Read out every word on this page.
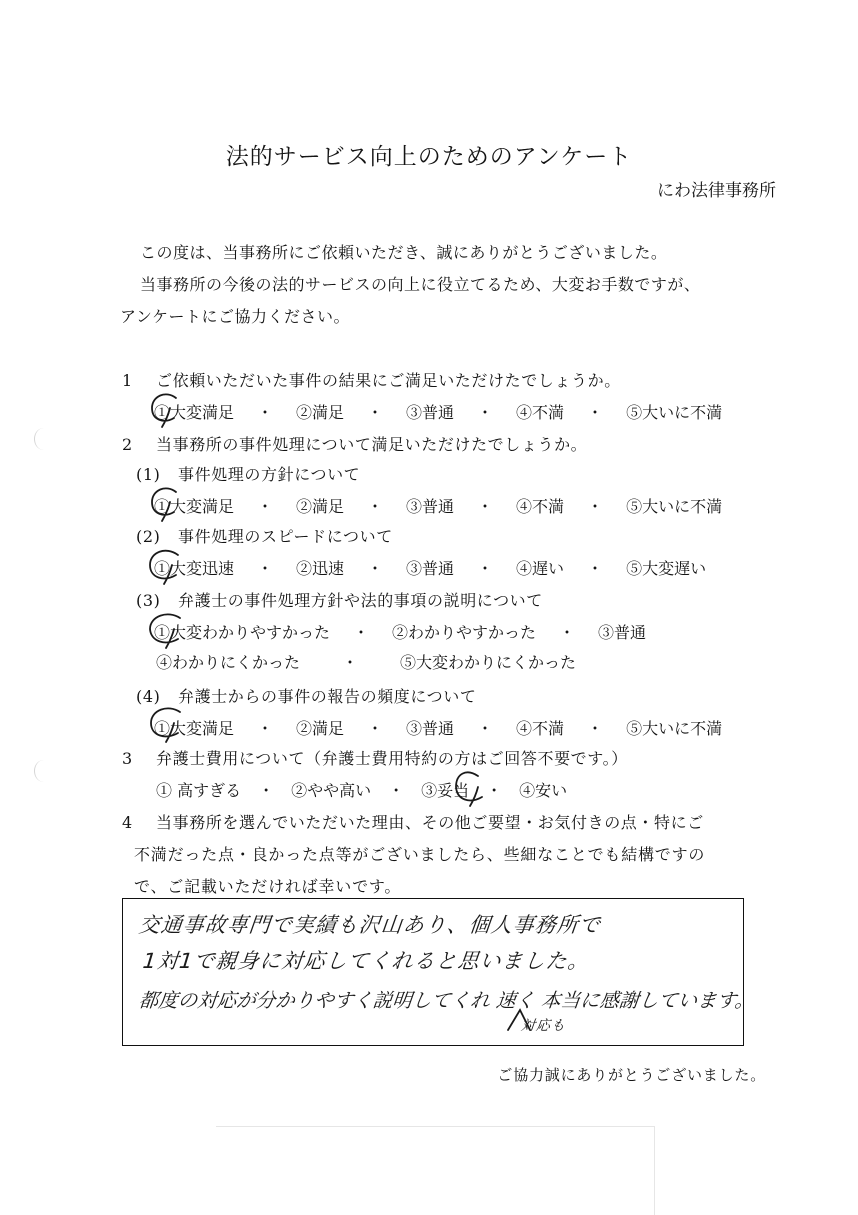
法的サービス向上のためのアンケート
にわ法律事務所
この度は、当事務所にご依頼いただき、誠にありがとうございました。
当事務所の今後の法的サービスの向上に役立てるため、大変お手数ですが、
アンケートにご協力ください。
1 ご依頼いただいた事件の結果にご満足いただけたでしょうか。
①大変満足	・	②満足	・	③普通	・	④不満	・	⑤大いに不満
2 当事務所の事件処理について満足いただけたでしょうか。
(1) 事件処理の方針について
①大変満足	・	②満足	・	③普通	・	④不満	・	⑤大いに不満
(2) 事件処理のスピードについて
①大変迅速	・	②迅速	・	③普通	・	④遅い	・	⑤大変遅い
(3) 弁護士の事件処理方針や法的事項の説明について
①大変わかりやすかった	・	②わかりやすかった	・	③普通
④わかりにくかった	・	⑤大変わかりにくかった
(4) 弁護士からの事件の報告の頻度について
①大変満足	・	②満足	・	③普通	・	④不満	・	⑤大いに不満
3 弁護士費用について（弁護士費用特約の方はご回答不要です。）
① 高すぎる	・	②やや高い	・	③妥当	・	④安い
4 当事務所を選んでいただいた理由、その他ご要望・お気付きの点・特にご
不満だった点・良かった点等がございましたら、些細なことでも結構ですの
で、ご記載いただければ幸いです。
交通事故専門で実績も沢山あり、個人事務所で
1対1で親身に対応してくれると思いました。
都度の対応が分かりやすく説明してくれ 速く 本当に感謝しています。
対応も
ご協力誠にありがとうございました。
